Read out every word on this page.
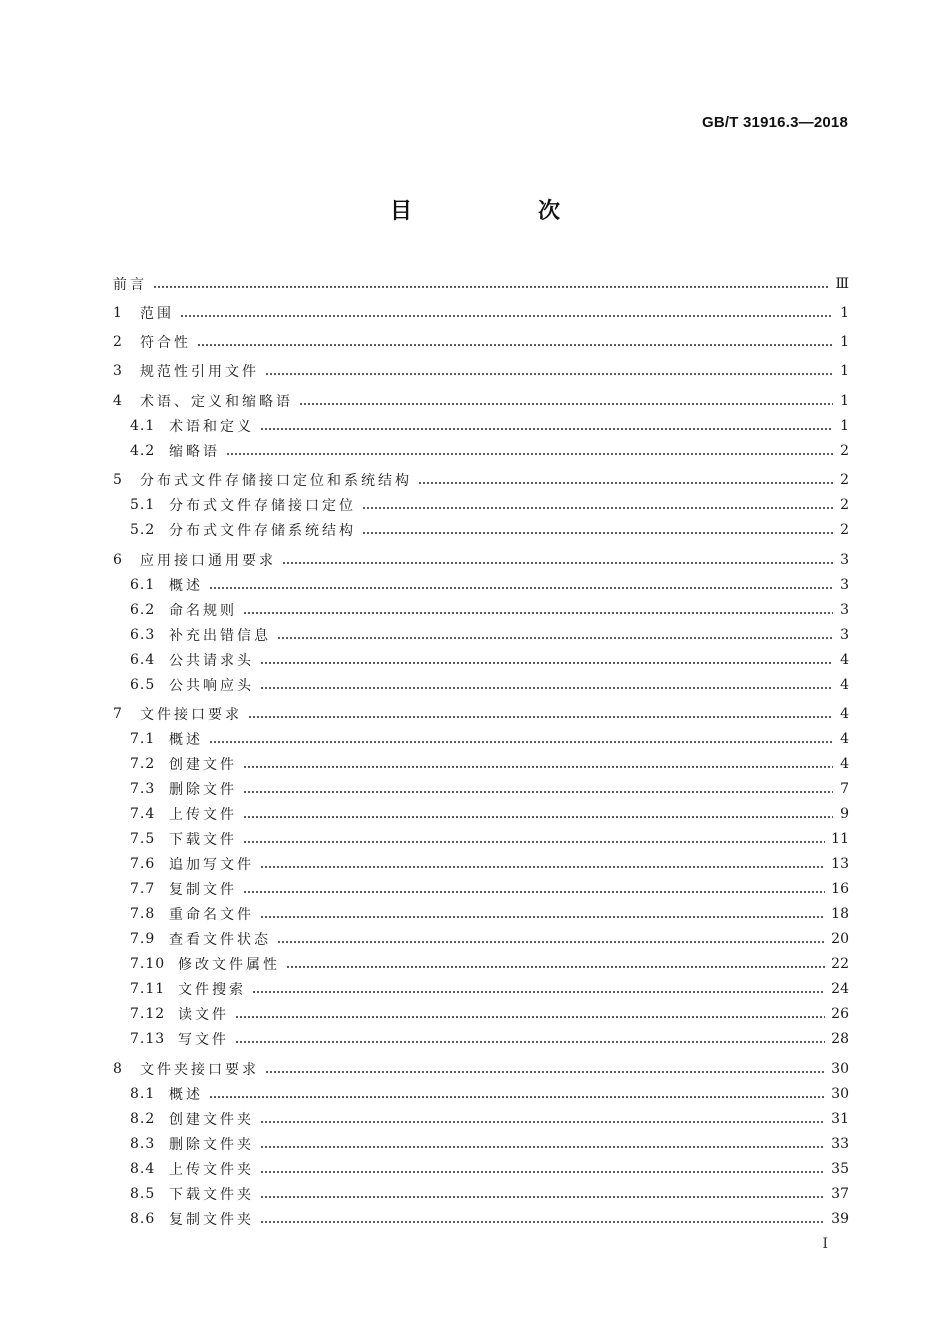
GB/T 31916.3—2018
目　次
前言	Ⅲ
1	范围	1
2	符合性	1
3	规范性引用文件	1
4	术语、定义和缩略语	1
4.1 术语和定义	1
4.2 缩略语	2
5	分布式文件存储接口定位和系统结构	2
5.1 分布式文件存储接口定位	2
5.2 分布式文件存储系统结构	2
6	应用接口通用要求	3
6.1 概述	3
6.2 命名规则	3
6.3 补充出错信息	3
6.4 公共请求头	4
6.5 公共响应头	4
7	文件接口要求	4
7.1 概述	4
7.2 创建文件	4
7.3 删除文件	7
7.4 上传文件	9
7.5 下载文件	11
7.6 追加写文件	13
7.7 复制文件	16
7.8 重命名文件	18
7.9 查看文件状态	20
7.10 修改文件属性	22
7.11 文件搜索	24
7.12 读文件	26
7.13 写文件	28
8	文件夹接口要求	30
8.1 概述	30
8.2 创建文件夹	31
8.3 删除文件夹	33
8.4 上传文件夹	35
8.5 下载文件夹	37
8.6 复制文件夹	39
I
